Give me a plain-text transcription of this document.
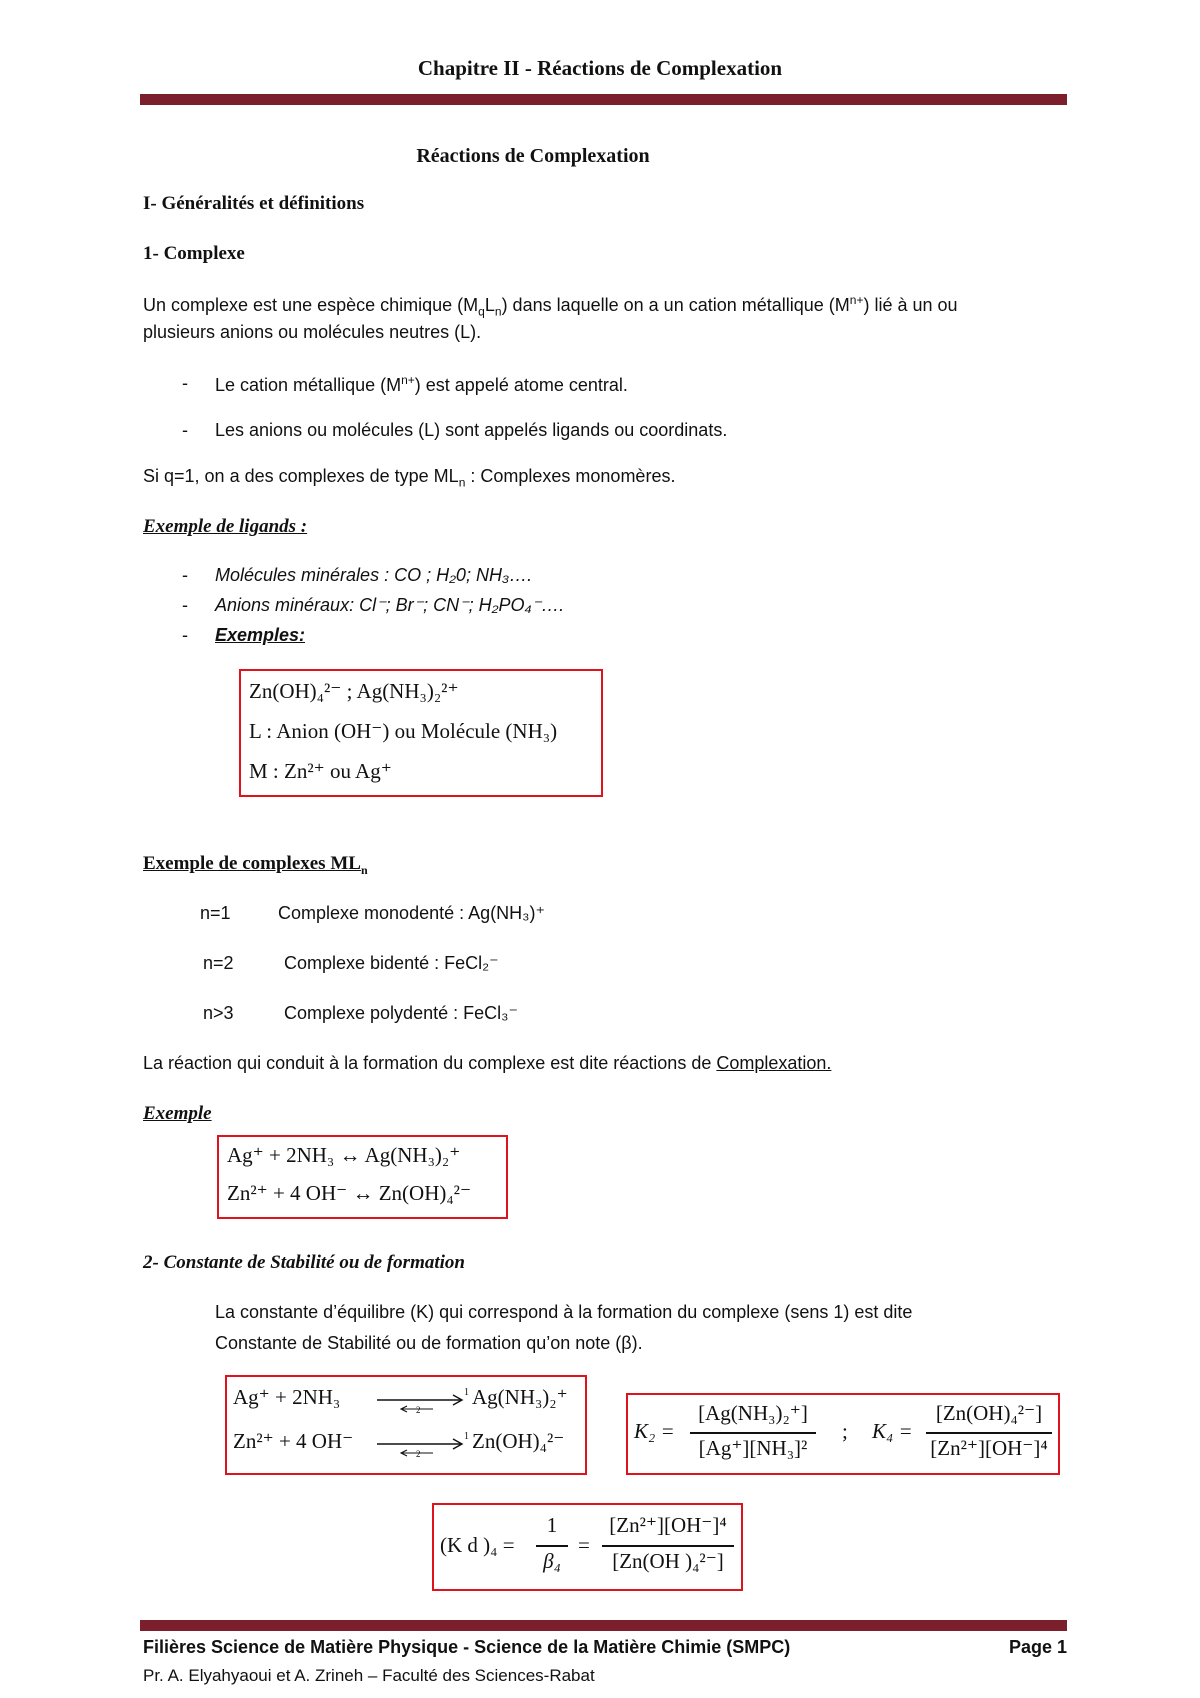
Chapitre II - Réactions de Complexation
Réactions de Complexation
I- Généralités et définitions
1- Complexe
Un complexe est une espèce chimique $(M_qL_n)$ dans laquelle on a un cation métallique $(M^{n+})$ lié à un ou
plusieurs anions ou molécules neutres (L).
- Le cation métallique $(M^{n+})$ est appelé atome central.
- Les anions ou molécules (L) sont appelés ligands ou coordinats.
Si q=1, on a des complexes de type $ML_n$ : Complexes monomères.
Exemple de ligands :
- Molécules minérales : CO ; H₂0; NH₃….
- Anions minéraux: Cl⁻; Br⁻; CN⁻; H₂PO₄⁻….
- Exemples:
Zn(OH)₄²⁻ ; Ag(NH₃)₂²⁺
L : Anion (OH⁻) ou Molécule (NH₃)
M : Zn²⁺ ou Ag⁺
Exemple de complexes $ML_n$
n=1	Complexe monodenté : Ag(NH₃)⁺
n=2	Complexe bidenté : FeCl₂⁻
n>3	Complexe polydenté : FeCl₃⁻
La réaction qui conduit à la formation du complexe est dite réactions de Complexation.
Exemple
Ag⁺ + 2NH₃ ↔ Ag(NH₃)₂⁺
Zn²⁺ + 4 OH⁻ ↔ Zn(OH)₄²⁻
2- Constante de Stabilité ou de formation
La constante d’équilibre (K) qui correspond à la formation du complexe (sens 1) est dite
Constante de Stabilité ou de formation qu’on note (β).
Ag⁺ + 2NH₃	Ag(NH₃)₂⁺
Zn²⁺ + 4 OH⁻	Zn(OH)₄²⁻
1
2
1
2
K₂ =
[Ag(NH₃)₂⁺]
[Ag⁺][NH₃]²
; K₄ =
[Zn(OH)₄²⁻]
[Zn²⁺][OH⁻]⁴
(K d )₄ =
1
β₄
=
[Zn²⁺][OH⁻]⁴
[Zn(OH )₄²⁻]
Filières Science de Matière Physique - Science de la Matière Chimie (SMPC)	Page 1
Pr. A. Elyahyaoui et A. Zrineh – Faculté des Sciences-Rabat
